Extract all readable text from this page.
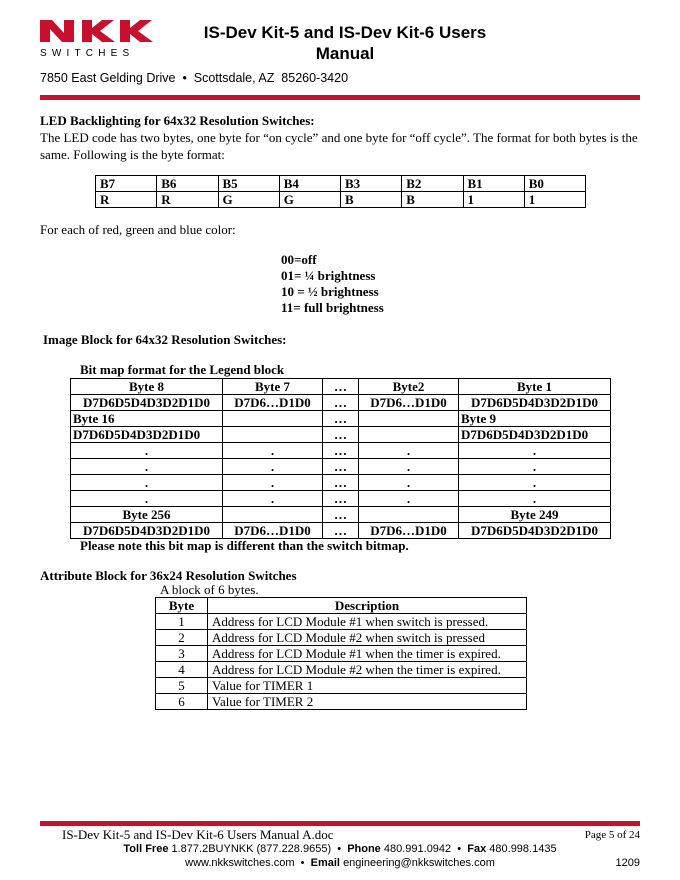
SWITCHES
IS-Dev Kit-5 and IS-Dev Kit-6 Users Manual
7850 East Gelding Drive  •  Scottsdale, AZ  85260-3420
LED Backlighting for 64x32 Resolution Switches:
The LED code has two bytes, one byte for “on cycle” and one byte for “off cycle”. The format for both bytes is the same. Following is the byte format:
B7	B6	B5	B4	B3	B2	B1	B0
R	R	G	G	B	B	1	1
For each of red, green and blue color:
00=off
01= ¼ brightness
10 = ½ brightness
11= full brightness
Image Block for 64x32 Resolution Switches:
Bit map format for the Legend block
Byte 8	Byte 7	…	Byte2	Byte 1
D7D6D5D4D3D2D1D0	D7D6…D1D0	…	D7D6…D1D0	D7D6D5D4D3D2D1D0
Byte 16		…		Byte 9
D7D6D5D4D3D2D1D0		…		D7D6D5D4D3D2D1D0
.	.	…	.	.
.	.	…	.	.
.	.	…	.	.
.	.	…	.	.
Byte 256		…		Byte 249
D7D6D5D4D3D2D1D0	D7D6…D1D0	…	D7D6…D1D0	D7D6D5D4D3D2D1D0
Please note this bit map is different than the switch bitmap.
Attribute Block for 36x24 Resolution Switches
A block of 6 bytes.
Byte	Description
1	Address for LCD Module #1 when switch is pressed.
2	Address for LCD Module #2 when switch is pressed
3	Address for LCD Module #1 when the timer is expired.
4	Address for LCD Module #2 when the timer is expired.
5	Value for TIMER 1
6	Value for TIMER 2
IS-Dev Kit-5 and IS-Dev Kit-6 Users Manual A.doc	Page 5 of 24
Toll Free 1.877.2BUYNKK (877.228.9655)  •  Phone 480.991.0942  •  Fax 480.998.1435
www.nkkswitches.com  •  Email engineering@nkkswitches.com	1209
